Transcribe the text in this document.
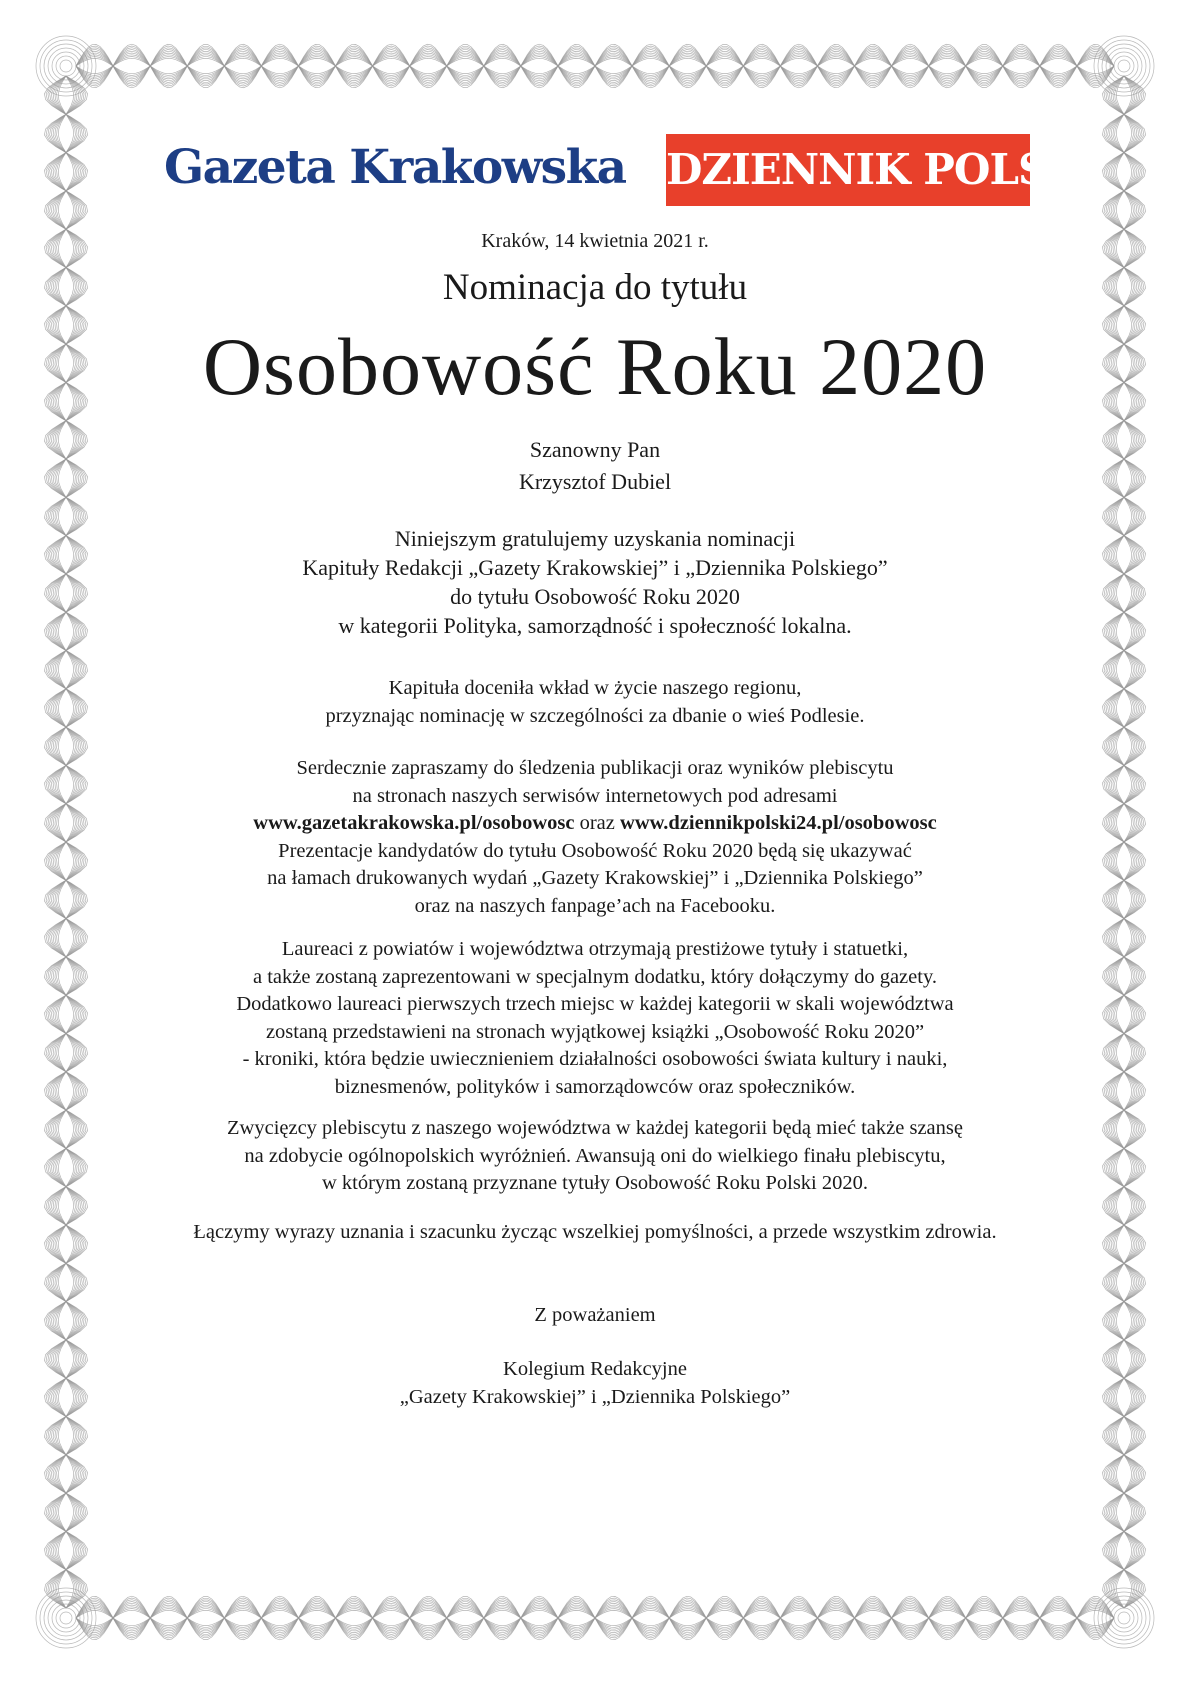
Gazeta Krakowska DZIENNIK POLSKI
Kraków, 14 kwietnia 2021 r.
Nominacja do tytułu
Osobowość Roku 2020
Szanowny Pan
Krzysztof Dubiel
Niniejszym gratulujemy uzyskania nominacji
Kapituły Redakcji „Gazety Krakowskiej” i „Dziennika Polskiego”
do tytułu Osobowość Roku 2020
w kategorii Polityka, samorządność i społeczność lokalna.
Kapituła doceniła wkład w życie naszego regionu,
przyznając nominację w szczególności za dbanie o wieś Podlesie.
Serdecznie zapraszamy do śledzenia publikacji oraz wyników plebiscytu
na stronach naszych serwisów internetowych pod adresami
www.gazetakrakowska.pl/osobowosc oraz www.dziennikpolski24.pl/osobowosc
Prezentacje kandydatów do tytułu Osobowość Roku 2020 będą się ukazywać
na łamach drukowanych wydań „Gazety Krakowskiej” i „Dziennika Polskiego”
oraz na naszych fanpage’ach na Facebooku.
Laureaci z powiatów i województwa otrzymają prestiżowe tytuły i statuetki,
a także zostaną zaprezentowani w specjalnym dodatku, który dołączymy do gazety.
Dodatkowo laureaci pierwszych trzech miejsc w każdej kategorii w skali województwa
zostaną przedstawieni na stronach wyjątkowej książki „Osobowość Roku 2020”
- kroniki, która będzie uwiecznieniem działalności osobowości świata kultury i nauki,
biznesmenów, polityków i samorządowców oraz społeczników.
Zwycięzcy plebiscytu z naszego województwa w każdej kategorii będą mieć także szansę
na zdobycie ogólnopolskich wyróżnień. Awansują oni do wielkiego finału plebiscytu,
w którym zostaną przyznane tytuły Osobowość Roku Polski 2020.
Łączymy wyrazy uznania i szacunku życząc wszelkiej pomyślności, a przede wszystkim zdrowia.
Z poważaniem
Kolegium Redakcyjne
„Gazety Krakowskiej” i „Dziennika Polskiego”
